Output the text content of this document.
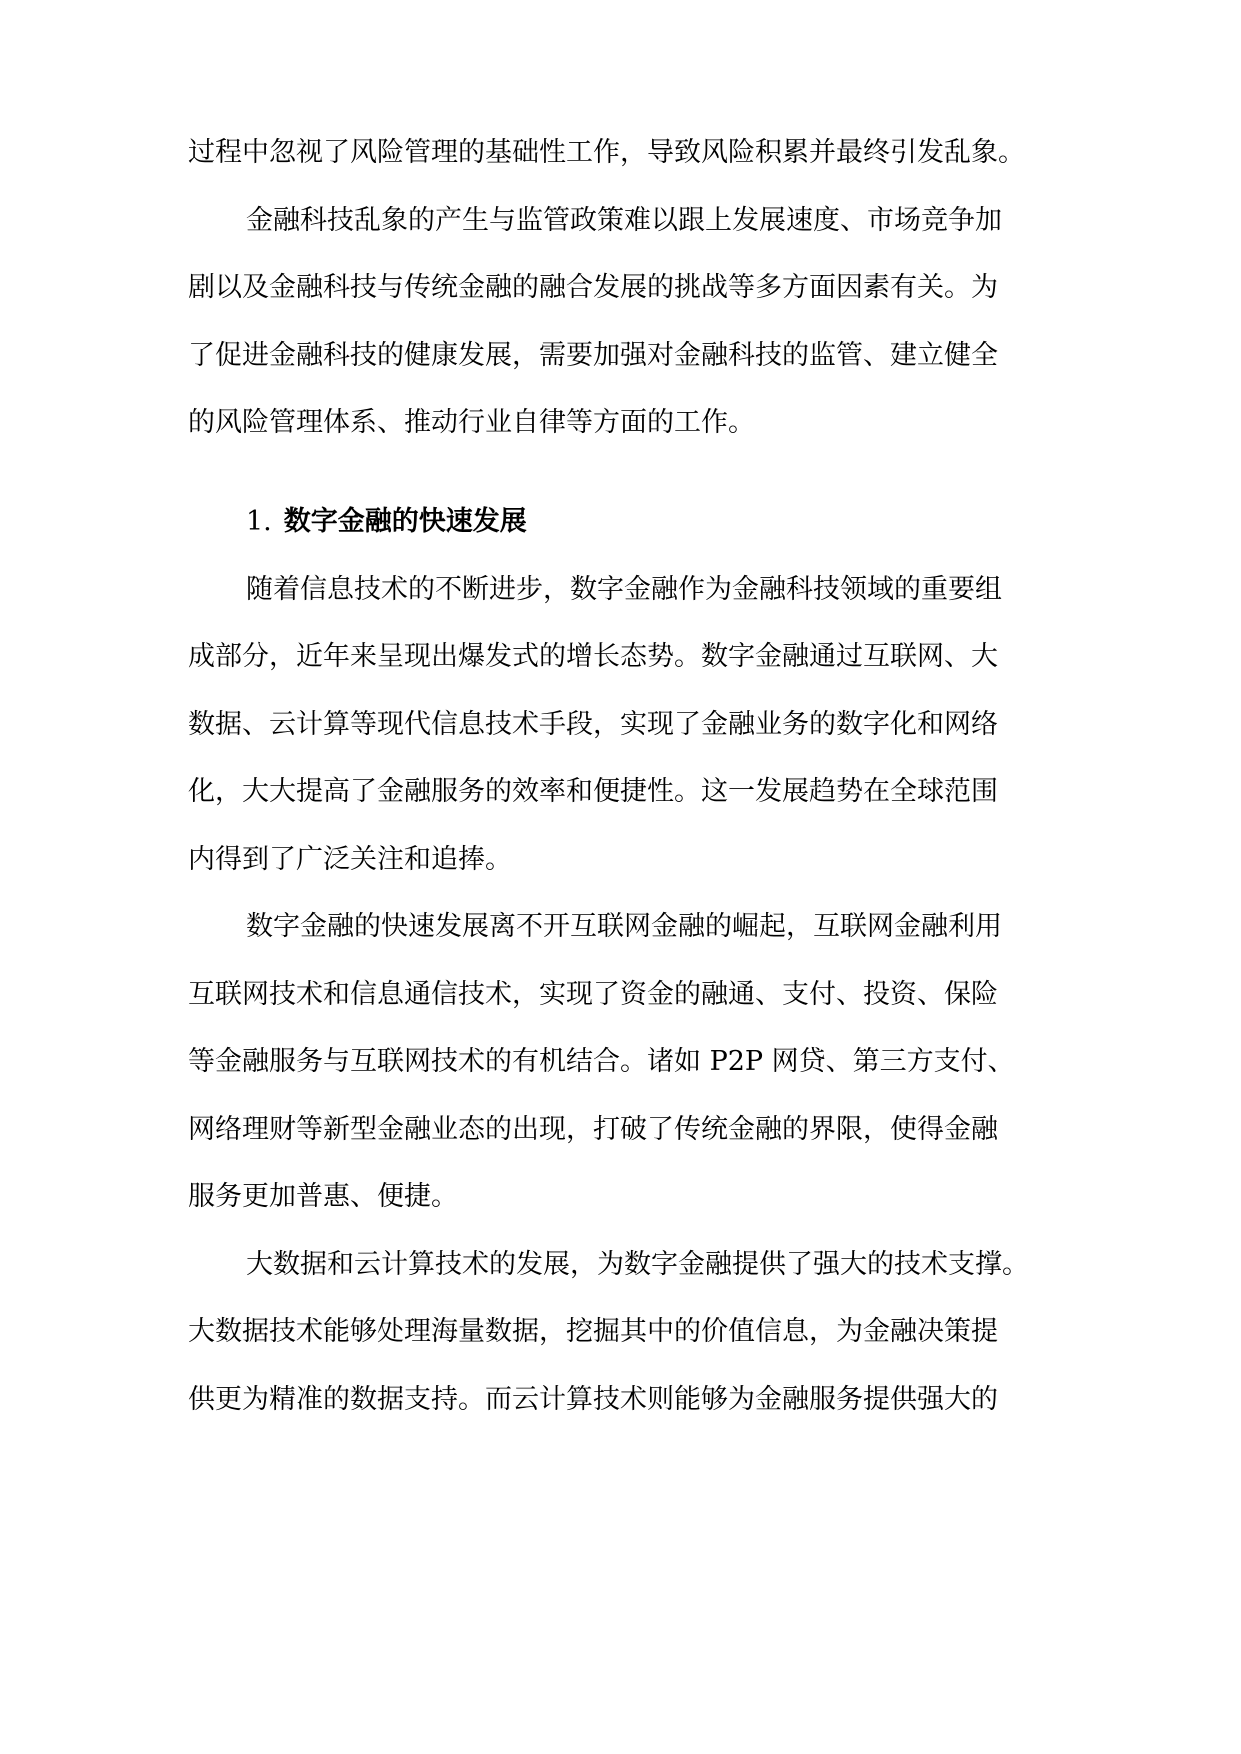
过程中忽视了风险管理的基础性工作，导致风险积累并最终引发乱象。
金融科技乱象的产生与监管政策难以跟上发展速度、市场竞争加
剧以及金融科技与传统金融的融合发展的挑战等多方面因素有关。为
了促进金融科技的健康发展，需要加强对金融科技的监管、建立健全
的风险管理体系、推动行业自律等方面的工作。
1. 数字金融的快速发展
随着信息技术的不断进步，数字金融作为金融科技领域的重要组
成部分，近年来呈现出爆发式的增长态势。数字金融通过互联网、大
数据、云计算等现代信息技术手段，实现了金融业务的数字化和网络
化，大大提高了金融服务的效率和便捷性。这一发展趋势在全球范围
内得到了广泛关注和追捧。
数字金融的快速发展离不开互联网金融的崛起，互联网金融利用
互联网技术和信息通信技术，实现了资金的融通、支付、投资、保险
等金融服务与互联网技术的有机结合。诸如 P2P 网贷、第三方支付、
网络理财等新型金融业态的出现，打破了传统金融的界限，使得金融
服务更加普惠、便捷。
大数据和云计算技术的发展，为数字金融提供了强大的技术支撑。
大数据技术能够处理海量数据，挖掘其中的价值信息，为金融决策提
供更为精准的数据支持。而云计算技术则能够为金融服务提供强大的
